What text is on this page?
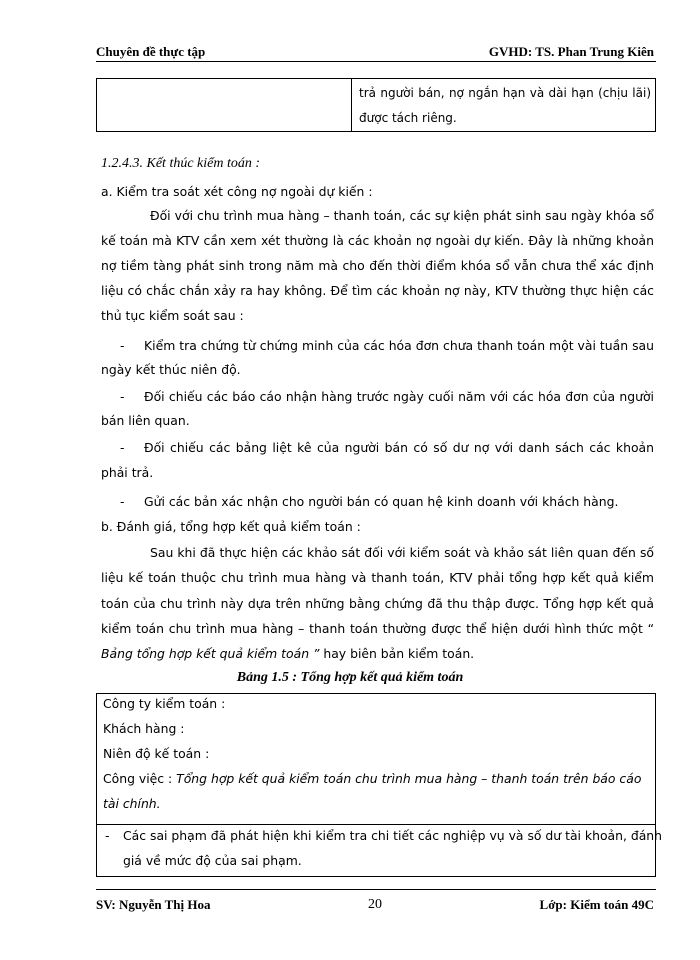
Chuyên đề thực tập	GVHD: TS. Phan Trung Kiên
trả người bán, nợ ngắn hạn và dài hạn (chịu lãi)
được tách riêng.
1.2.4.3. Kết thúc kiểm toán :
a. Kiểm tra soát xét công nợ ngoài dự kiến :
Đối với chu trình mua hàng – thanh toán, các sự kiện phát sinh sau ngày khóa sổ
kế toán mà KTV cần xem xét thường là các khoản nợ ngoài dự kiến. Đây là những khoản
nợ tiềm tàng phát sinh trong năm mà cho đến thời điểm khóa sổ vẫn chưa thể xác định
liệu có chắc chắn xảy ra hay không. Để tìm các khoản nợ này, KTV thường thực hiện các
thủ tục kiểm soát sau :
- Kiểm tra chứng từ chứng minh của các hóa đơn chưa thanh toán một vài tuần sau
ngày kết thúc niên độ.
- Đối chiếu các báo cáo nhận hàng trước ngày cuối năm với các hóa đơn của người
bán liên quan.
- Đối chiếu các bảng liệt kê của người bán có số dư nợ với danh sách các khoản
phải trả.
- Gửi các bản xác nhận cho người bán có quan hệ kinh doanh với khách hàng.
b. Đánh giá, tổng hợp kết quả kiểm toán :
Sau khi đã thực hiện các khảo sát đối với kiểm soát và khảo sát liên quan đến số
liệu kế toán thuộc chu trình mua hàng và thanh toán, KTV phải tổng hợp kết quả kiểm
toán của chu trình này dựa trên những bằng chứng đã thu thập được. Tổng hợp kết quả
kiểm toán chu trình mua hàng – thanh toán thường được thể hiện dưới hình thức một “
Bảng tổng hợp kết quả kiểm toán ” hay biên bản kiểm toán.
Bảng 1.5 : Tổng hợp kết quả kiểm toán
Công ty kiểm toán :
Khách hàng :
Niên độ kế toán :
Công việc : Tổng hợp kết quả kiểm toán chu trình mua hàng – thanh toán trên báo cáo
tài chính.
- Các sai phạm đã phát hiện khi kiểm tra chi tiết các nghiệp vụ và số dư tài khoản, đánh
giá về mức độ của sai phạm.
SV: Nguyễn Thị Hoa	20	Lớp: Kiểm toán 49C
